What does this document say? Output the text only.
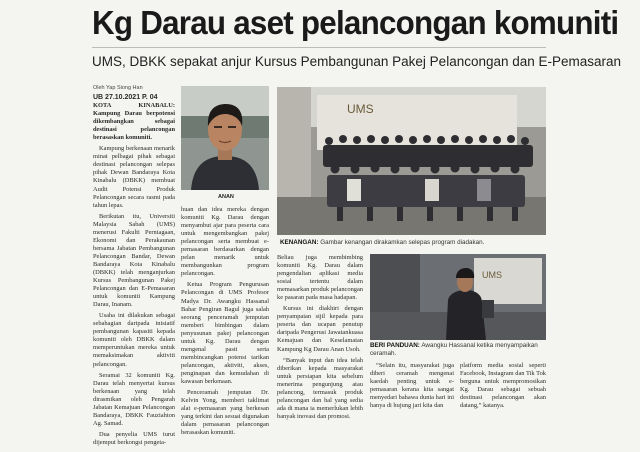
Kg Darau aset pelancongan komuniti
UMS, DBKK sepakat anjur Kursus Pembangunan Pakej Pelancongan dan E-Pemasaran
Oleh Yap Siong Han
UB 27.10.2021 P. 04

KOTA KINABALU: Kampung Darau berpotensi dikembangkan sebagai destinasi pelancongan berasaskan komuniti.

Kampung berkenaan menarik minat pelbagai pihak sebagai destinasi pelancongan selepas pihak Dewan Bandaraya Kota Kinabalu (DBKK) membuat Audit Potensi Produk Pelancongan secara rasmi pada tahun lepas.

Berikutan itu, Universiti Malaysia Sabah (UMS) menerusi Fakulti Perniagaan, Ekonomi dan Perakaunan bersama Jabatan Pembangunan Pelancongan Bandar, Dewan Bandaraya Kota Kinabalu (DBKK) telah menganjurkan Kursus Pembangunan Pakej Pelancongan dan E-Pemasaran untuk komuniti Kampung Darau, Inanam.

Usaha ini dilakukan sebagai sebahagian daripada inisiatif pembangunan kapasiti kepada komuniti oleh DBKK dalam memperuntukan mereka untuk memaksimakan aktiviti pelancongan.

Seramai 32 komuniti Kg. Darau telah menyertai kursus berkenaan yang telah dirasmikan oleh Pengarah Jabatan Kemajuan Pelancongan Bandaraya, DBKK Fauziahton Ag. Samad.

Dua penyelia UMS turut dijemput berkongsi pengeta-

ANAN

huan dan idea mereka dengan komuniti Kg. Darau dengan menyambut ajar para peserta cara untuk mengembangkan pakej pelancongan serta membuat e-pemasaran berdasarkan dengan pelan menarik untuk membangunkan program pelancongan.

Ketua Program Pengurusan Pelancongan di UMS Profesor Madya Dr. Awangku Hassanal Bahar Pengiran Bagul juga salah seorang penceramah jemputan memberi bimbingan dalam penyusunan pakej pelancongan untuk Kg. Darau dengan mengenal pasti serta membincangkan potensi tarikan pelancongan, aktiviti, akses, penginapan dan kemudahan di kawasan berkenaan.

Penceramah jemputan Dr. Kelvin Yong, memberi taklimat alat e-pemasaran yang berkesan yang terkini dan sesuai digunakan dalam pemasaran pelancongan berasaskan komuniti.

UMS
KENANGAN: Gambar kenangan dirakamkan selepas program diadakan.

Beliau juga membimbing komuniti Kg. Darau dalam pengendalian aplikasi media sosial tertentu dalam memasarkan produk pelancongan ke pasaran pada masa hadapan.

Kursus ini diakhiri dengan penyampaian sijil kepada para peserta dan ucapan penutup daripada Pengerusi Jawatankuasa Kemajuan dan Keselamatan Kampung Kg Darau Anan Usoh.

“Banyak input dan idea telah diberikan kepada masyarakat untuk persiapan kita sebelum menerima pengunjung atau pelancong, termasuk produk pelancongan dan hal yang sedia ada di mana ia memerlukan lebih banyak inovasi dan promosi.

UMS
BERI PANDUAN: Awangku Hassanal ketika menyampaikan ceramah.

“Selain itu, masyarakat juga diberi ceramah mengenai kaedah penting untuk e-pemasaran kerana kita sangat menyedari bahawa dunia hari ini hanya di hujung jari kita dan

platform media sosial seperti Facebook, Instagram dan Tik Tok berguna untuk mempromosikan Kg. Darau sebagai sebuah destinasi pelancongan akan datang,” katanya.
